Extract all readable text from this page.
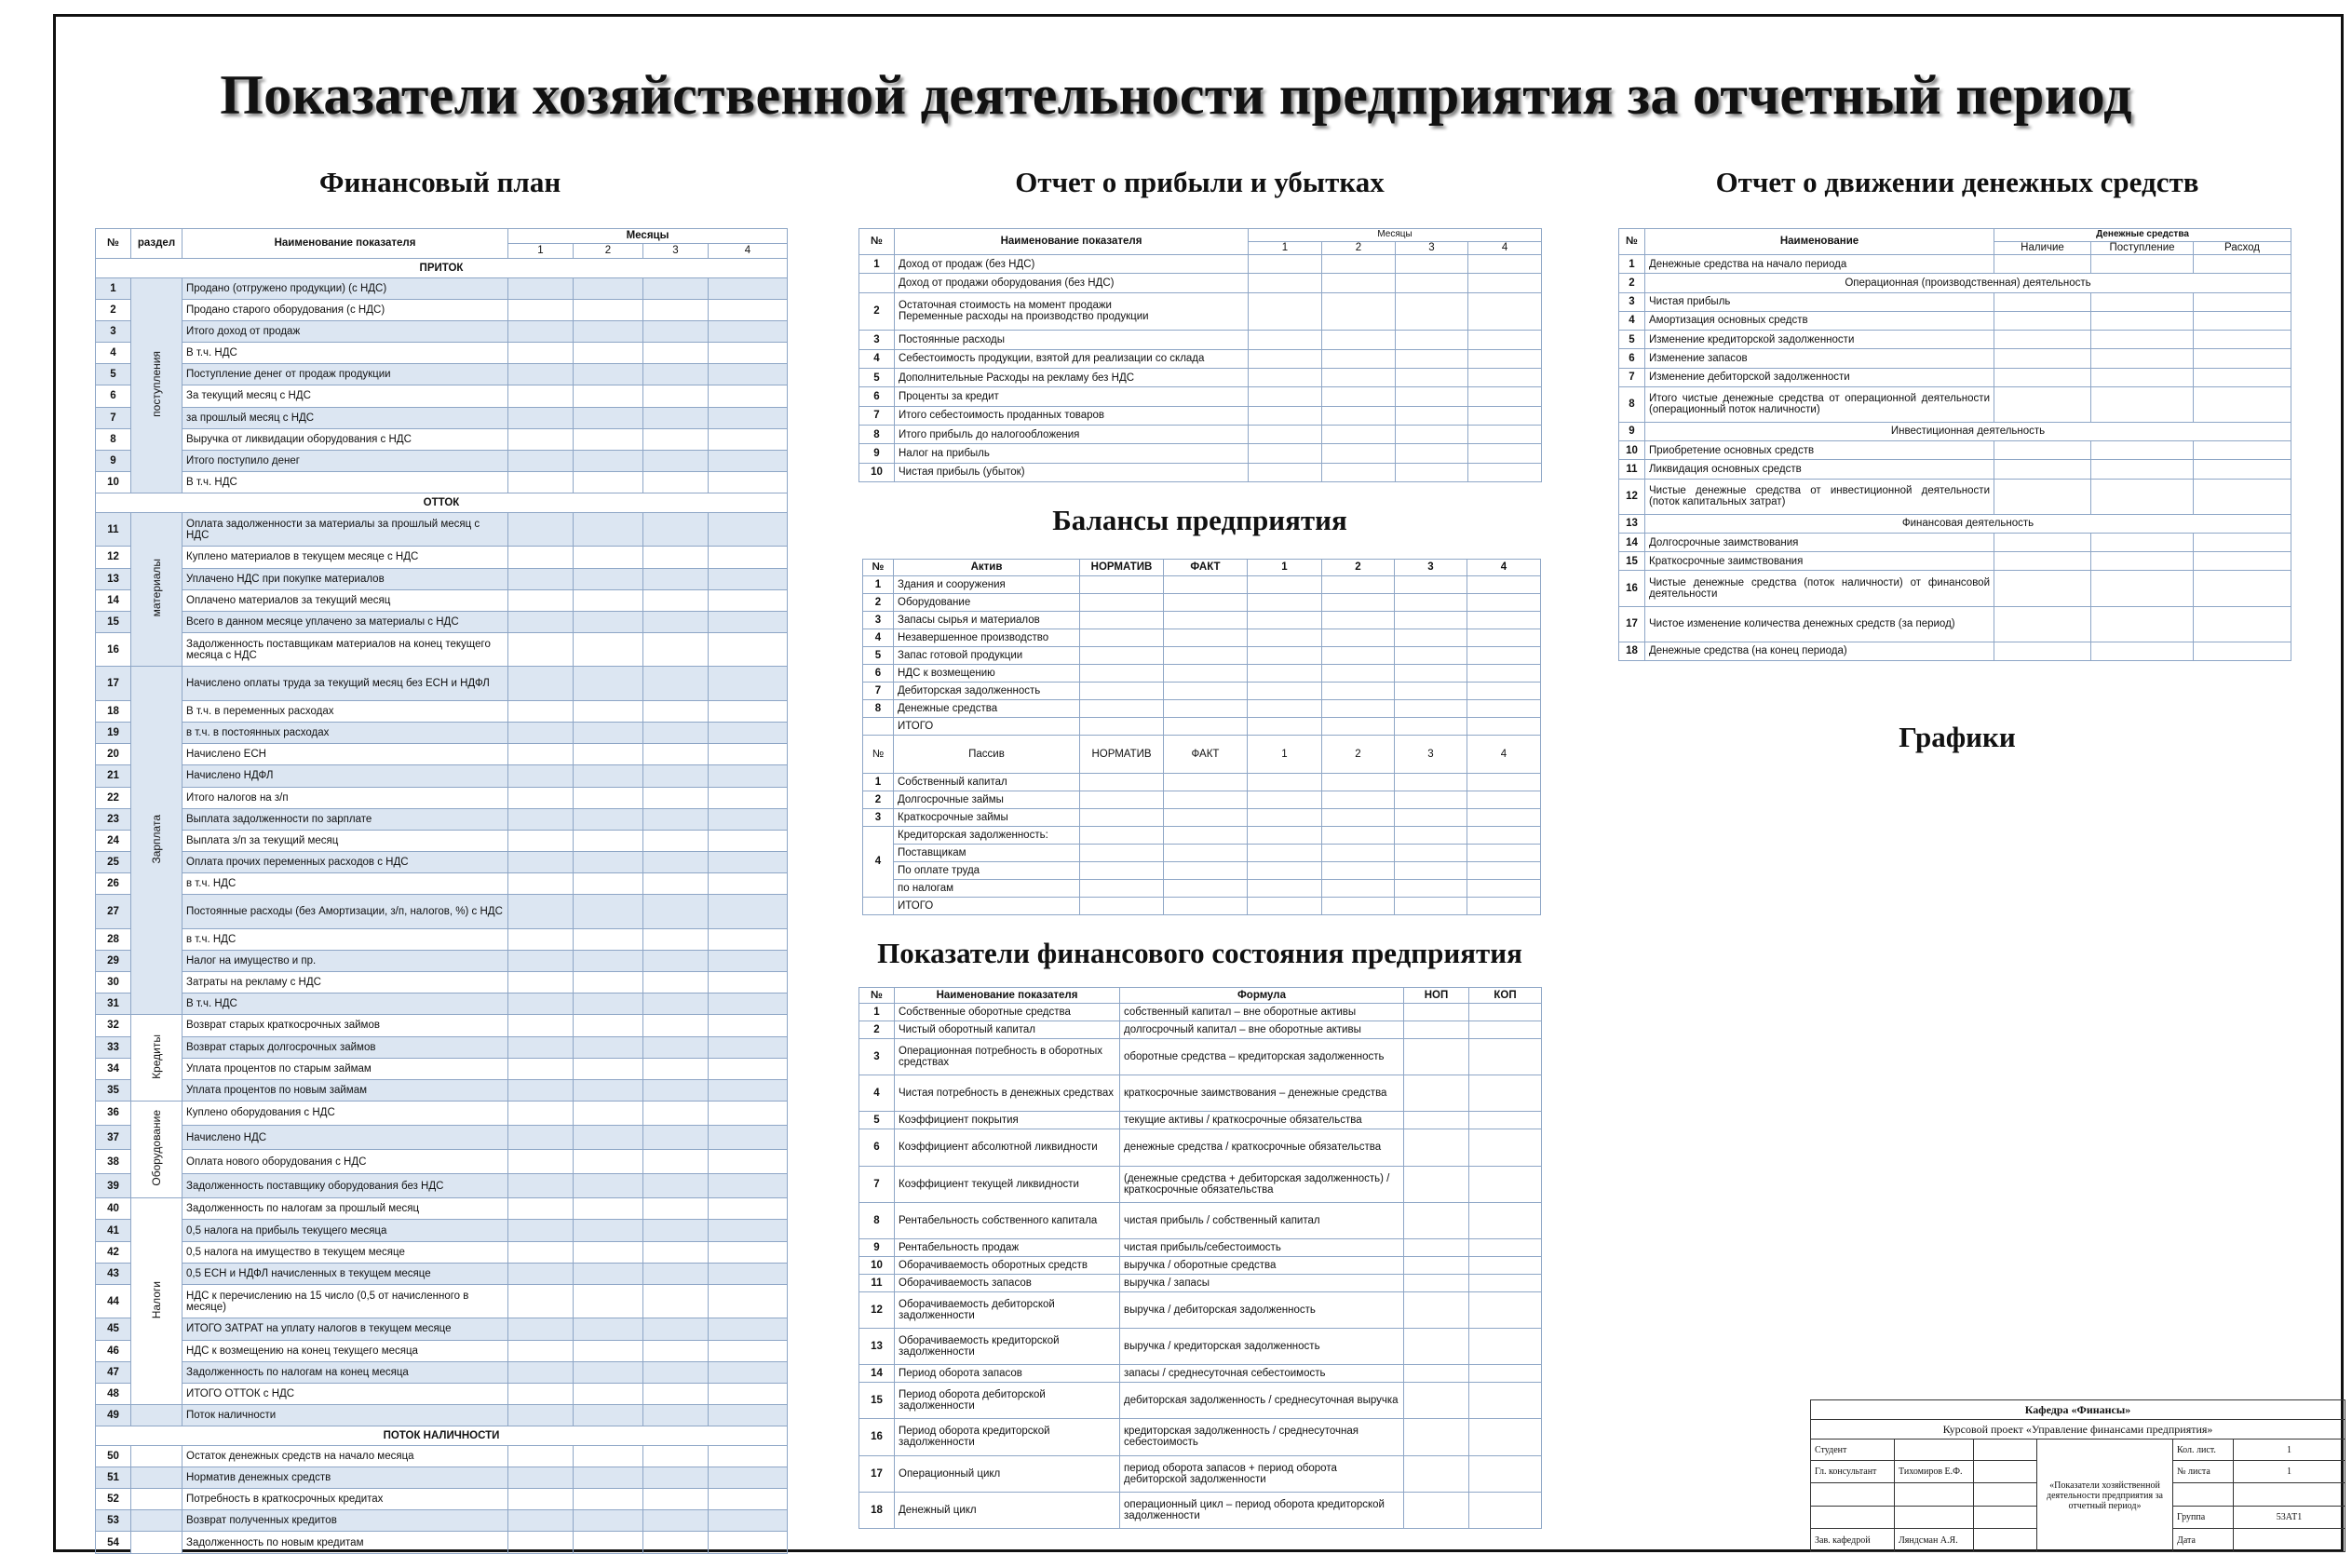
Показатели хозяйственной деятельности предприятия за отчетный период
Финансовый план	Отчет о прибыли и убытках	Отчет о движении денежных средств
Балансы предприятия
Показатели финансового состояния предприятия
Графики
№	раздел	Наименование показателя	Месяцы			
			1	2	3	4
ПРИТОК						
1	поступления	Продано (отгружено продукции) (с НДС)				
2		Продано старого оборудования (с НДС)				
3		Итого доход от продаж				
4		В т.ч. НДС				
5		Поступление денег от продаж продукции				
6		За текущий месяц с НДС				
7		за прошлый месяц с НДС				
8		Выручка от ликвидации оборудования с НДС				
9		Итого поступило денег				
10		В т.ч. НДС				
ОТТОК						
11	материалы	Оплата задолженности за материалы за прошлый месяц с НДС				
12		Куплено материалов в текущем месяце с НДС				
13		Уплачено НДС при покупке материалов				
14		Оплачено материалов за текущий месяц				
15		Всего в данном месяце уплачено за материалы с НДС				
16		Задолженность поставщикам материалов на конец текущего месяца с НДС				
17	Зарплата	Начислено оплаты труда за текущий месяц без ЕСН и НДФЛ				
18		В т.ч. в переменных расходах				
19		в т.ч. в постоянных расходах				
20		Начислено ЕСН				
21		Начислено НДФЛ				
22		Итого налогов на з/п				
23		Выплата задолженности по зарплате				
24		Выплата з/п за текущий месяц				
25		Оплата прочих переменных расходов с НДС				
26		в т.ч. НДС				
27		Постоянные расходы (без Амортизации, з/п, налогов, %) с НДС				
28		в т.ч. НДС				
29		Налог на имущество и пр.				
30		Затраты на рекламу с НДС				
31		В т.ч. НДС				
32	Кредиты	Возврат старых краткосрочных займов				
33		Возврат старых долгосрочных займов				
34		Уплата процентов по старым займам				
35		Уплата процентов по новым займам				
36	Оборудование	Куплено оборудования с НДС				
37		Начислено НДС				
38		Оплата нового оборудования с НДС				
39		Задолженность поставщику оборудования без НДС				
40	Налоги	Задолженность по налогам за прошлый месяц				
41		0,5 налога на прибыль текущего месяца				
42		0,5 налога на имущество в текущем месяце				
43		0,5 ЕСН и НДФЛ начисленных в текущем месяце				
44		НДС к перечислению на 15 число (0,5 от начисленного в месяце)				
45		ИТОГО ЗАТРАТ на уплату налогов в текущем месяце				
46		НДС к возмещению на конец текущего месяца				
47		Задолженность по налогам на конец месяца				
48		ИТОГО ОТТОК с НДС				
49		Поток наличности				
ПОТОК НАЛИЧНОСТИ						
50		Остаток денежных средств на начало месяца				
51		Норматив денежных средств				
52		Потребность в краткосрочных кредитах				
53		Возврат полученных кредитов				
54		Задолженность по новым кредитам				
№	Наименование показателя	Месяцы			
		1	2	3	4
1	Доход от продаж (без НДС)				
	Доход от продажи оборудования (без НДС)				
2	Остаточная стоимость на момент продажи
Переменные расходы на производство продукции				

3	Постоянные расходы				
4	Себестоимость продукции, взятой для реализации со склада				
5	Дополнительные Расходы на рекламу без НДС				
6	Проценты за кредит				
7	Итого себестоимость проданных товаров				
8	Итого прибыль до налогообложения				
9	Налог на прибыль				
10	Чистая прибыль (убыток)				
№	Наименование	Денежные средства		
		Наличие	Поступление	Расход
1	Денежные средства на начало периода			
2	Операционная (производственная) деятельность			
3	Чистая прибыль			
4	Амортизация основных средств			
5	Изменение кредиторской задолженности			
6	Изменение запасов			
7	Изменение дебиторской задолженности			
8	Итого чистые денежные средства от операционной деятельности (операционный поток наличности)			
9	Инвестиционная деятельность			
10	Приобретение основных средств			
11	Ликвидация основных средств			
12	Чистые денежные средства от инвестиционной деятельности (поток капитальных затрат)			
13	Финансовая деятельность			
14	Долгосрочные заимствования			
15	Краткосрочные заимствования			
16	Чистые денежные средства (поток наличности) от финансовой деятельности			
17	Чистое изменение количества денежных средств (за период)			
18	Денежные средства (на конец периода)			
№	Актив	НОРМАТИВ	ФАКТ	1	2	3	4
1	Здания и сооружения						
2	Оборудование						
3	Запасы сырья и материалов						
4	Незавершенное производство						
5	Запас готовой продукции						
6	НДС к возмещению						
7	Дебиторская задолженность						
8	Денежные средства						
	ИТОГО						
№	Пассив	НОРМАТИВ	ФАКТ	1	2	3	4
1	Собственный капитал						
2	Долгосрочные займы						
3	Краткосрочные займы						
4	Кредиторская задолженность:						
	Поставщикам						
	По оплате труда						
	по налогам						
	ИТОГО						
№	Наименование показателя	Формула	НОП	КОП
1	Собственные оборотные средства	собственный капитал – вне оборотные активы		
2	Чистый оборотный капитал	долгосрочный капитал – вне оборотные активы		
3	Операционная потребность в оборотных средствах	оборотные средства – кредиторская задолженность		
4	Чистая потребность в денежных средствах	краткосрочные заимствования – денежные средства		
5	Коэффициент покрытия	текущие активы / краткосрочные обязательства		
6	Коэффициент абсолютной ликвидности	денежные средства / краткосрочные обязательства		
7	Коэффициент текущей ликвидности	(денежные средства + дебиторская задолженность) / краткосрочные обязательства		
8	Рентабельность собственного капитала	чистая прибыль / собственный капитал		
9	Рентабельность продаж	чистая прибыль/себестоимость		
10	Оборачиваемость оборотных средств	выручка / оборотные средства		
11	Оборачиваемость запасов	выручка / запасы		
12	Оборачиваемость дебиторской задолженности	выручка / дебиторская задолженность		
13	Оборачиваемость кредиторской задолженности	выручка / кредиторская задолженность		
14	Период оборота запасов	запасы / среднесуточная себестоимость		
15	Период оборота дебиторской задолженности	дебиторская задолженность / среднесуточная выручка		
16	Период оборота кредиторской задолженности	кредиторская задолженность / среднесуточная себестоимость		
17	Операционный цикл	период оборота запасов + период оборота дебиторской задолженности		
18	Денежный цикл	операционный цикл – период оборота кредиторской задолженности		
Кафедра «Финансы»					
Курсовой проект «Управление финансами предприятия»					
Студент			«Показатели хозяйственной деятельности предприятия за отчетный период»	Кол. лист.	1
Гл. консультант	Тихомиров Е.Ф.			№ листа	1

				Группа	53АТ1
Зав. кафедрой	Ляндсман А.Я.			Дата	
